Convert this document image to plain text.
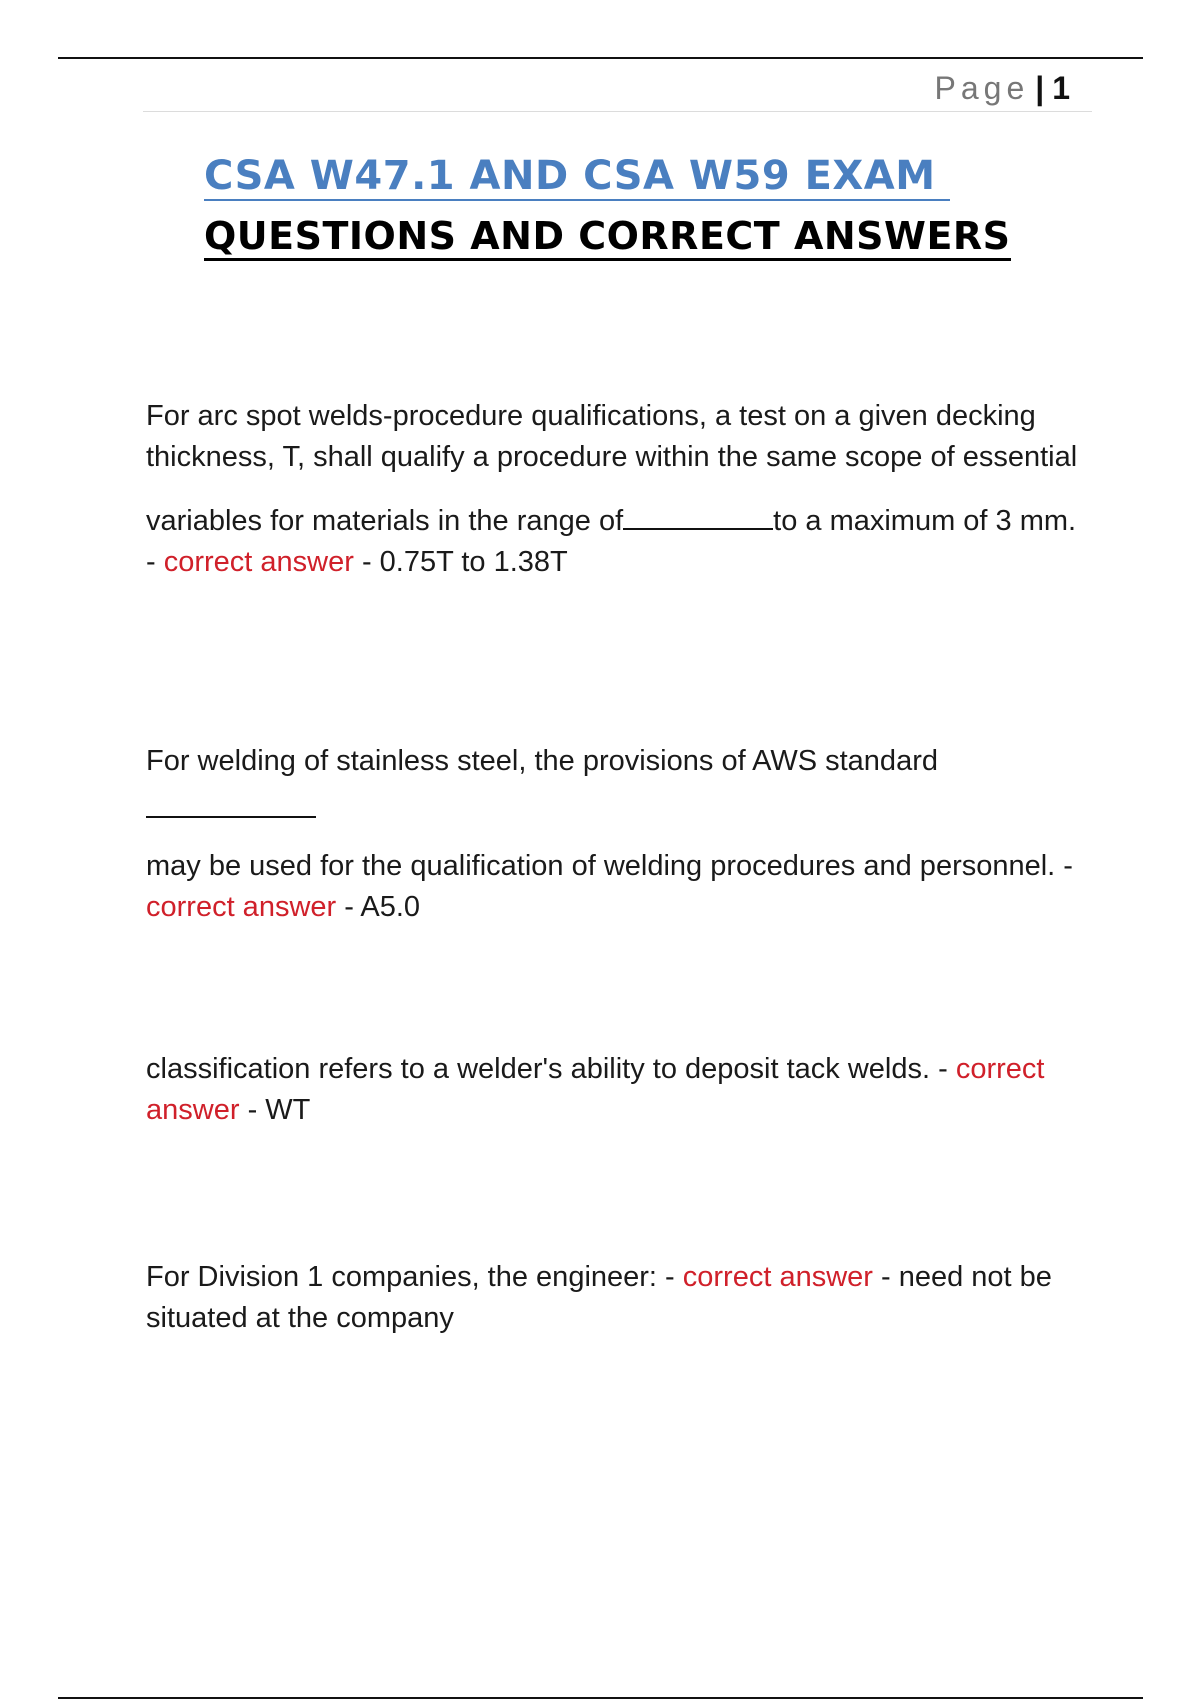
Page | 1
CSA W47.1 AND CSA W59 EXAM
QUESTIONS AND CORRECT ANSWERS

For arc spot welds-procedure qualifications, a test on a given decking thickness, T, shall qualify a procedure within the same scope of essential

variables for materials in the range of	to a maximum of 3 mm. - correct answer - 0.75T to 1.38T

For welding of stainless steel, the provisions of AWS standard

may be used for the qualification of welding procedures and personnel. - correct answer - A5.0

classification refers to a welder's ability to deposit tack welds. - correct answer - WT

For Division 1 companies, the engineer: - correct answer - need not be situated at the company
